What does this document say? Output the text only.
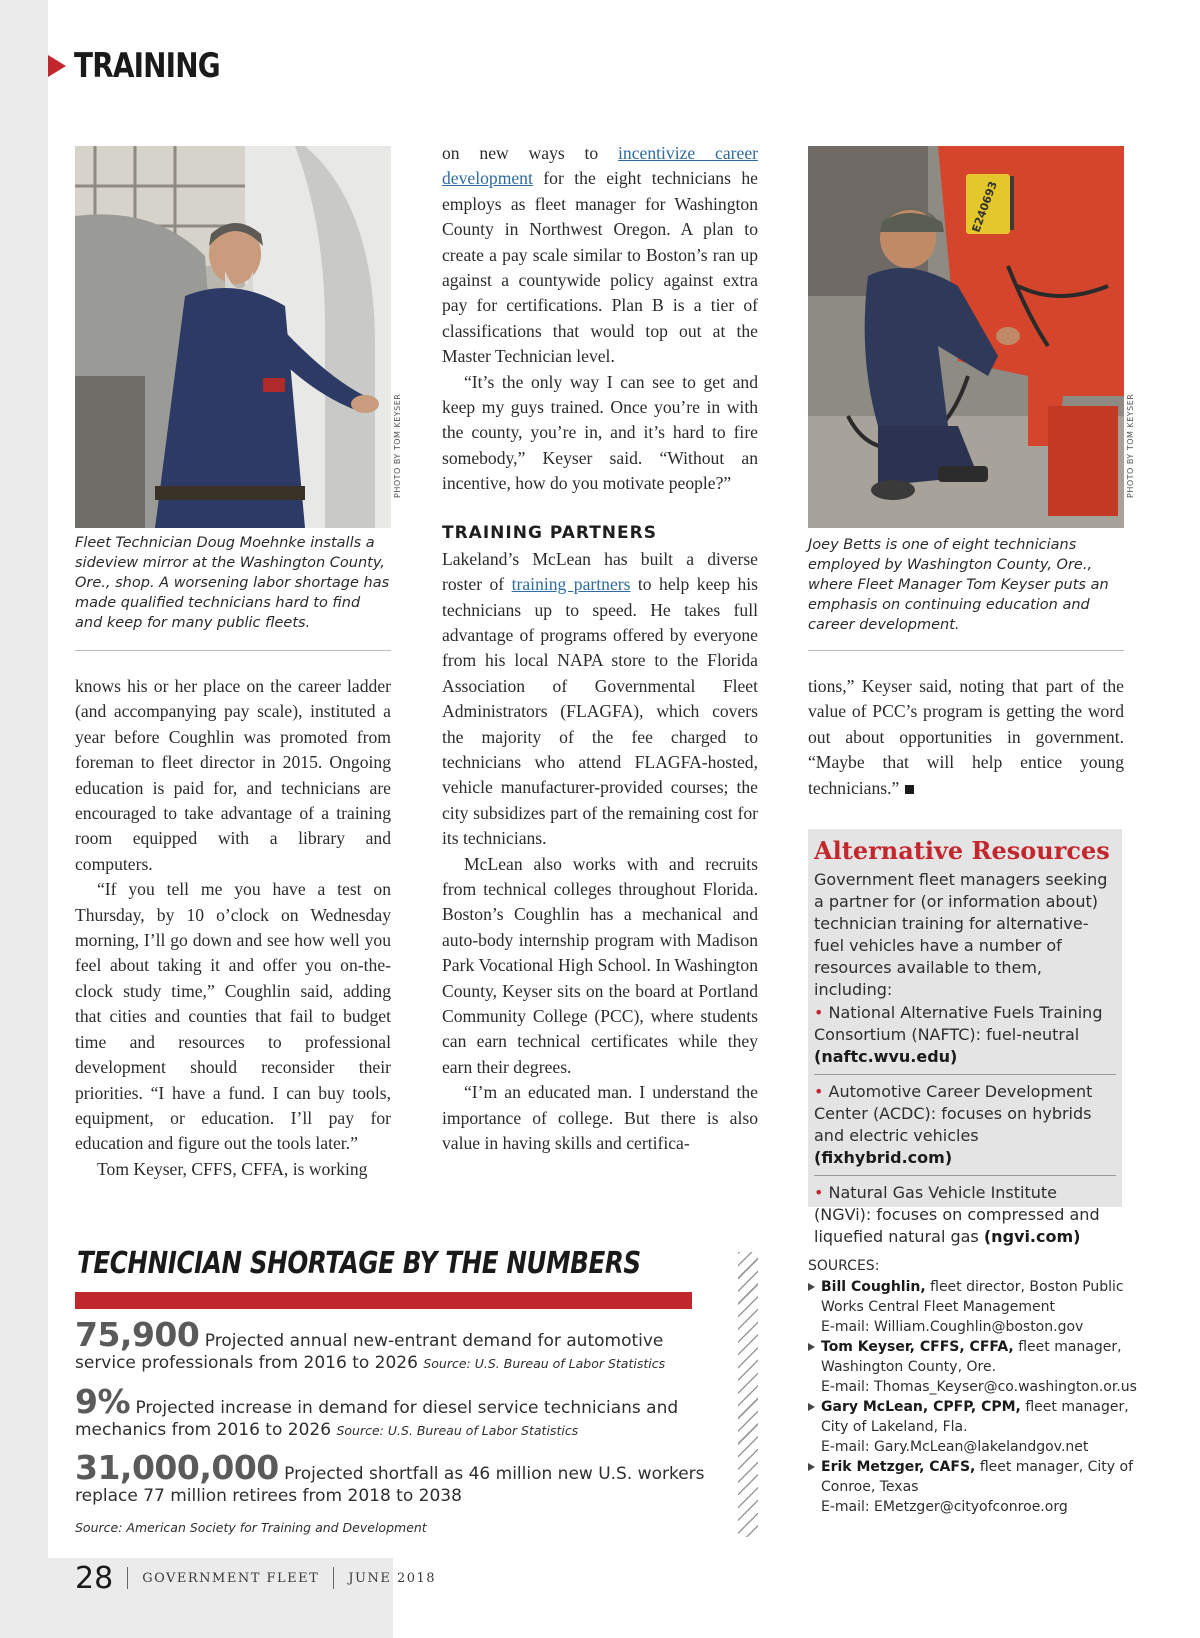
TRAINING
PHOTO BY TOM KEYSER
Fleet Technician Doug Moehnke installs a sideview mirror at the Washington County, Ore., shop. A worsening labor shortage has made qualified technicians hard to find and keep for many public fleets.
E240693
PHOTO BY TOM KEYSER
Joey Betts is one of eight technicians employed by Washington County, Ore., where Fleet Manager Tom Keyser puts an emphasis on continuing education and career development.

knows his or her place on the career ladder (and accompanying pay scale), instituted a year before Coughlin was promoted from foreman to fleet director in 2015. Ongoing education is paid for, and technicians are encouraged to take advantage of a training room equipped with a library and computers.

“If you tell me you have a test on Thursday, by 10 o’clock on Wednesday morning, I’ll go down and see how well you feel about taking it and offer you on-the-clock study time,” Coughlin said, adding that cities and counties that fail to budget time and resources to professional development should reconsider their priorities. “I have a fund. I can buy tools, equipment, or education. I’ll pay for education and figure out the tools later.”

Tom Keyser, CFFS, CFFA, is working

on new ways to incentivize career development for the eight technicians he employs as fleet manager for Washington County in Northwest Oregon. A plan to create a pay scale similar to Boston’s ran up against a countywide policy against extra pay for certifications. Plan B is a tier of classifications that would top out at the Master Technician level.

“It’s the only way I can see to get and keep my guys trained. Once you’re in with the county, you’re in, and it’s hard to fire somebody,” Keyser said. “Without an incentive, how do you motivate people?”

TRAINING PARTNERS

Lakeland’s McLean has built a diverse roster of training partners to help keep his technicians up to speed. He takes full advantage of programs offered by everyone from his local NAPA store to the Florida Association of Governmental Fleet Administrators (FLAGFA), which covers the majority of the fee charged to technicians who attend FLAGFA-hosted, vehicle manufacturer-provided courses; the city subsidizes part of the remaining cost for its technicians.

McLean also works with and recruits from technical colleges throughout Florida. Boston’s Coughlin has a mechanical and auto-body internship program with Madison Park Vocational High School. In Washington County, Keyser sits on the board at Portland Community College (PCC), where students can earn technical certificates while they earn their degrees.

“I’m an educated man. I understand the importance of college. But there is also value in having skills and certifica-

tions,” Keyser said, noting that part of the value of PCC’s program is getting the word out about opportunities in government. “Maybe that will help entice young technicians.”

Alternative Resources
Government fleet managers seeking a partner for (or information about) technician training for alternative-fuel vehicles have a number of resources available to them, including:
• National Alternative Fuels Training Consortium (NAFTC): fuel-neutral (naftc.wvu.edu)
• Automotive Career Development Center (ACDC): focuses on hybrids and electric vehicles (fixhybrid.com)
• Natural Gas Vehicle Institute (NGVi): focuses on compressed and liquefied natural gas (ngvi.com)
TECHNICIAN SHORTAGE BY THE NUMBERS
75,900 Projected annual new-entrant demand for automotive service professionals from 2016 to 2026 Source: U.S. Bureau of Labor Statistics
9% Projected increase in demand for diesel service technicians and mechanics from 2016 to 2026 Source: U.S. Bureau of Labor Statistics
31,000,000 Projected shortfall as 46 million new U.S. workers replace 77 million retirees from 2018 to 2038
Source: American Society for Training and Development
SOURCES:
Bill Coughlin, fleet director, Boston Public Works Central Fleet Management
E-mail: William.Coughlin@boston.gov
Tom Keyser, CFFS, CFFA, fleet manager, Washington County, Ore.
E-mail: Thomas_Keyser@co.washington.or.us
Gary McLean, CPFP, CPM, fleet manager, City of Lakeland, Fla.
E-mail: Gary.McLean@lakelandgov.net
Erik Metzger, CAFS, fleet manager, City of Conroe, Texas
E-mail: EMetzger@cityofconroe.org
28 GOVERNMENT FLEET JUNE 2018
